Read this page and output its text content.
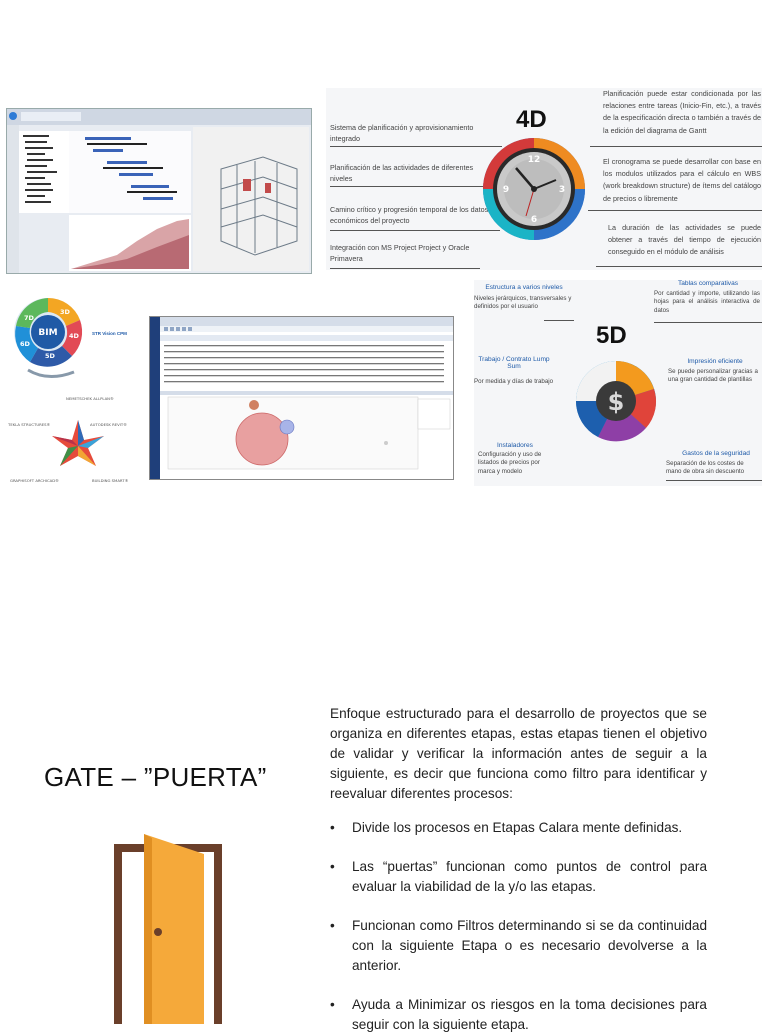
4D
Sistema de planificación y aprovisionamiento integrado
Planificación de las actividades de diferentes niveles
Camino crítico y progresión temporal de los datos económicos del proyecto
Integración con MS Project Project y Oracle Primavera
12
3
6
9
Planificación puede estar condicionada por las relaciones entre tareas (Inicio-Fin, etc.), a través de la especificación directa o también a través de la edición del diagrama de Gantt
El cronograma se puede desarrollar con base en los modulos utilizados para el cálculo en WBS (work breakdown structure) de ítems del catálogo de precios o libremente
La duración de las actividades se puede obtener a través del tiempo de ejecución conseguido en el módulo de análisis
3D
4D
5D
6D
7D
BIM
NEMETSCHEK ALLPLAN®
TEKLA STRUCTURES®	AUTODESK REVIT®
GRAPHISOFT ARCHICAD®	BUILDING SMART®
STR Vision CPM	5D
$
Estructura a varios niveles
Niveles jerárquicos, transversales y definidos por el usuario
Tablas comparativas
Por cantidad y importe, utilizando las hojas para el análisis interactiva de datos
Trabajo / Contrato Lump Sum
Por medida y días de trabajo
Impresión eficiente
Se puede personalizar gracias a una gran cantidad de plantillas
Instaladores
Configuración y uso de listados de precios por marca y modelo
Gastos de la seguridad
Separación de los costes de mano de obra sin descuento
GATE – ”PUERTA”
Enfoque estructurado para el desarrollo de proyectos que se organiza en diferentes etapas, estas etapas tienen el objetivo de validar y verificar la información antes de seguir a la siguiente, es decir que funciona como filtro para identificar y reevaluar diferentes procesos:
• Divide los procesos en Etapas Calara mente definidas.
• Las “puertas” funcionan como puntos de control para evaluar la viabilidad de la y/o las etapas.
• Funcionan como Filtros determinando si se da continuidad con la siguiente Etapa o es necesario devolverse a la anterior.
• Ayuda a Minimizar os riesgos en la toma decisiones para seguir con la siguiente etapa.
